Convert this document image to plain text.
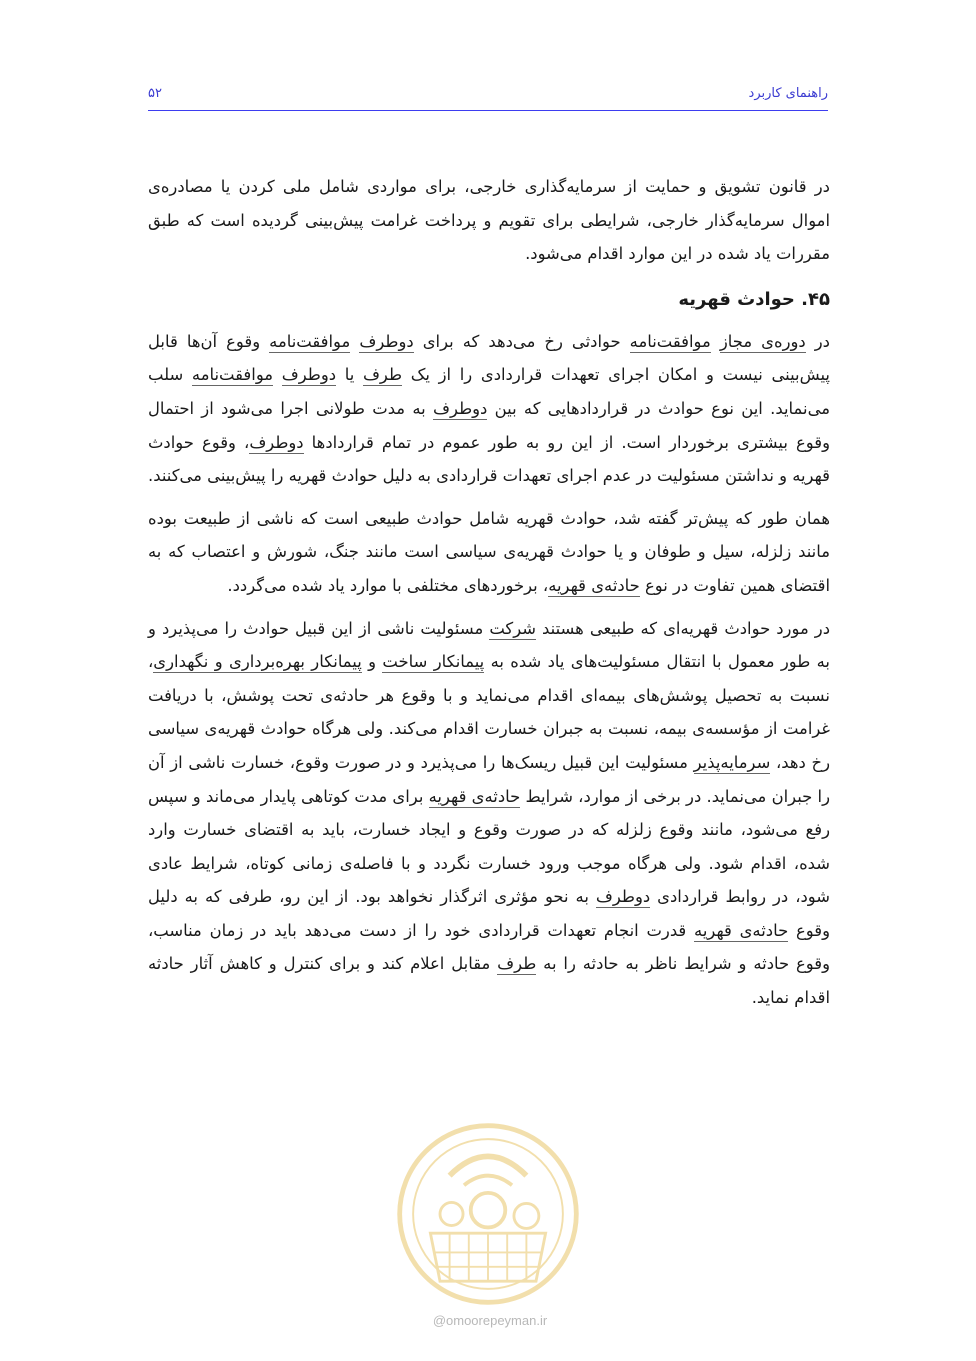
راهنمای کاربرد
۵۲

در قانون تشویق و حمایت از سرمایه‌گذاری خارجی، برای مواردی شامل ملی کردن یا مصادره‌ی اموال سرمایه‌گذار خارجی، شرایطی برای تقویم و پرداخت غرامت پیش‌بینی گردیده است که طبق مقررات یاد شده در این موارد اقدام می‌شود.

۴۵. حوادث قهریه

در دوره‌ی مجاز موافقت‌نامه حوادثی رخ می‌دهد که برای دوطرف موافقت‌نامه وقوع آن‌ها قابل پیش‌بینی نیست و امکان اجرای تعهدات قراردادی را از یک طرف یا دوطرف موافقت‌نامه سلب می‌نماید. این نوع حوادث در قراردادهایی که بین دوطرف به مدت طولانی اجرا می‌شود از احتمال وقوع بیشتری برخوردار است. از این رو به طور عموم در تمام قراردادها دوطرف، وقوع حوادث قهریه و نداشتن مسئولیت در عدم اجرای تعهدات قراردادی به دلیل حوادث قهریه را پیش‌بینی می‌کنند.

همان طور که پیش‌تر گفته شد، حوادث قهریه شامل حوادث طبیعی است که ناشی از طبیعت بوده مانند زلزله، سیل و طوفان و یا حوادث قهریه‌ی سیاسی است مانند جنگ، شورش و اعتصاب که به اقتضای همین تفاوت در نوع حادثه‌ی قهریه، برخوردهای مختلفی با موارد یاد شده می‌گردد.

در مورد حوادث قهریه‌ای که طبیعی هستند شرکت مسئولیت ناشی از این قبیل حوادث را می‌پذیرد و به طور معمول با انتقال مسئولیت‌های یاد شده به پیمانکار ساخت و پیمانکار بهره‌برداری و نگهداری، نسبت به تحصیل پوشش‌های بیمه‌ای اقدام می‌نماید و با وقوع هر حادثه‌ی تحت پوشش، با دریافت غرامت از مؤسسه‌ی بیمه، نسبت به جبران خسارت اقدام می‌کند. ولی هرگاه حوادث قهریه‌ی سیاسی رخ دهد، سرمایه‌پذیر مسئولیت این قبیل ریسک‌ها را می‌پذیرد و در صورت وقوع، خسارت ناشی از آن را جبران می‌نماید. در برخی از موارد، شرایط حادثه‌ی قهریه برای مدت کوتاهی پایدار می‌ماند و سپس رفع می‌شود، مانند وقوع زلزله که در صورت وقوع و ایجاد خسارت، باید به اقتضای خسارت وارد شده، اقدام شود. ولی هرگاه موجب ورود خسارت نگردد و با فاصله‌ی زمانی کوتاه، شرایط عادی شود، در روابط قراردادی دوطرف به نحو مؤثری اثرگذار نخواهد بود. از این رو، طرفی که به دلیل وقوع حادثه‌ی قهریه قدرت انجام تعهدات قراردادی خود را از دست می‌دهد باید در زمان مناسب، وقوع حادثه و شرایط ناظر به حادثه را به طرف مقابل اعلام کند و برای کنترل و کاهش آثار حادثه اقدام نماید.

@omoorepeyman.ir
